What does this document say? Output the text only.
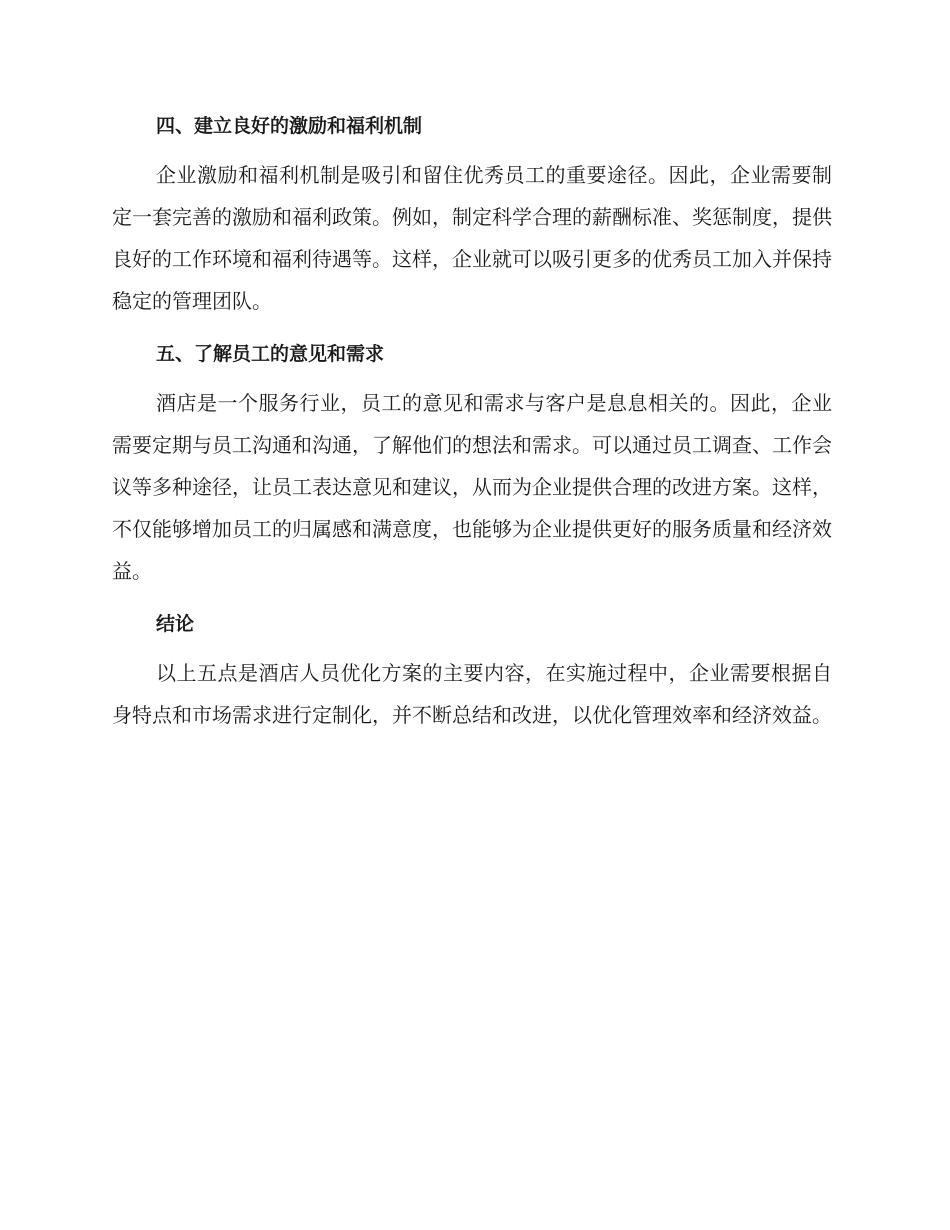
四、建立良好的激励和福利机制

企业激励和福利机制是吸引和留住优秀员工的重要途径。因此，企业需要制定一套完善的激励和福利政策。例如，制定科学合理的薪酬标准、奖惩制度，提供良好的工作环境和福利待遇等。这样，企业就可以吸引更多的优秀员工加入并保持稳定的管理团队。

五、了解员工的意见和需求

酒店是一个服务行业，员工的意见和需求与客户是息息相关的。因此，企业需要定期与员工沟通和沟通，了解他们的想法和需求。可以通过员工调查、工作会议等多种途径，让员工表达意见和建议，从而为企业提供合理的改进方案。这样，不仅能够增加员工的归属感和满意度，也能够为企业提供更好的服务质量和经济效益。

结论

以上五点是酒店人员优化方案的主要内容，在实施过程中，企业需要根据自身特点和市场需求进行定制化，并不断总结和改进，以优化管理效率和经济效益。
